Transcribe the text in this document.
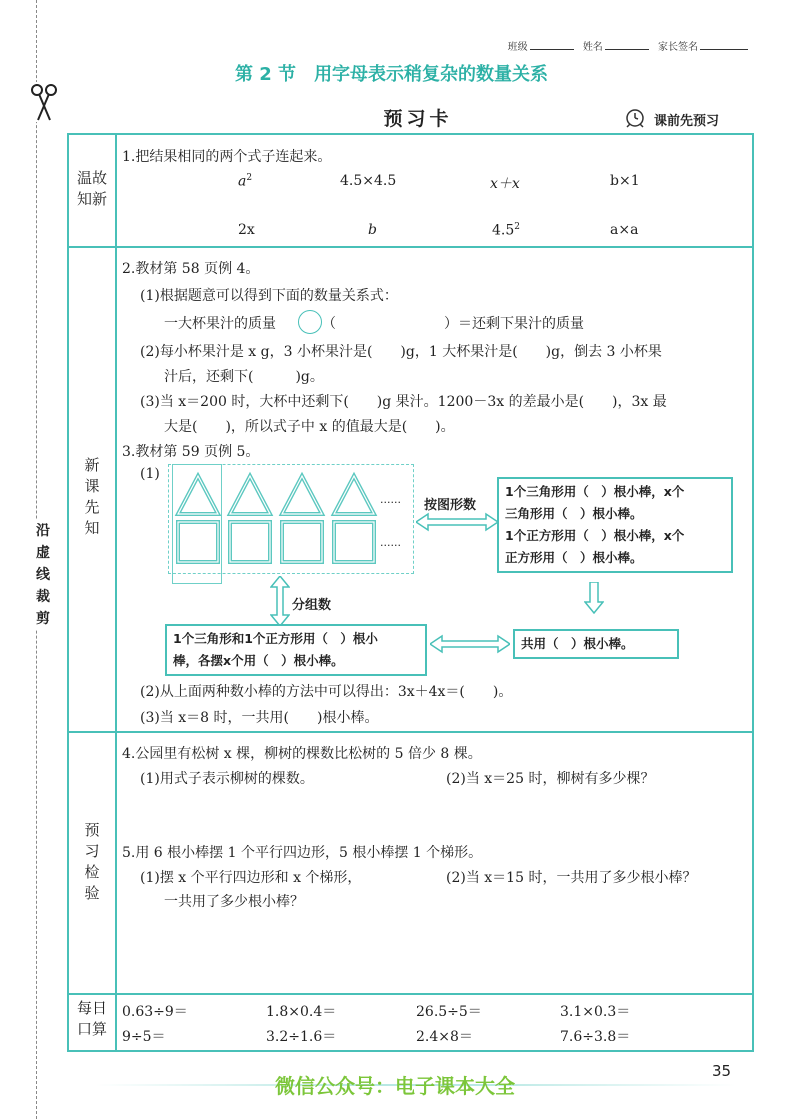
沿
虚
线
裁
剪
班级	姓名	家长签名
第 2 节 用字母表示稍复杂的数量关系
预习卡	课前先预习
温故
知新
1.把结果相同的两个式子连起来。
$a^2$	4.5×4.5	x＋x	b×1
2x	b	$4.5^2$	a×a
新
课
先
知
2.教材第 58 页例 4。
(1)根据题意可以得到下面的数量关系式：
一大杯果汁的质量	（	）＝还剩下果汁的质量
(2)每小杯果汁是 x g，3 小杯果汁是(　　)g，1 大杯果汁是(　　)g，倒去 3 小杯果
汁后，还剩下(　　　)g。
(3)当 x＝200 时，大杯中还剩下(　　)g 果汁。1200－3x 的差最小是(　　)，3x 最
大是(　　)，所以式子中 x 的值最大是(　　)。
3.教材第 59 页例 5。
(1)
......
......
按图形数
1个三角形用（　）根小棒，x个
三角形用（　）根小棒。
1个正方形用（　）根小棒，x个
正方形用（　）根小棒。
分组数
1个三角形和1个正方形用（　）根小
棒，各摆x个用（　）根小棒。
共用（　）根小棒。
(2)从上面两种数小棒的方法中可以得出：3x＋4x＝(　　)。
(3)当 x＝8 时，一共用(　　)根小棒。
预
习
检
验
4.公园里有松树 x 棵，柳树的棵数比松树的 5 倍少 8 棵。
(1)用式子表示柳树的棵数。	(2)当 x＝25 时，柳树有多少棵？
5.用 6 根小棒摆 1 个平行四边形，5 根小棒摆 1 个梯形。
(1)摆 x 个平行四边形和 x 个梯形，
一共用了多少根小棒？
(2)当 x＝15 时，一共用了多少根小棒？
每日
口算
0.63÷9＝	1.8×0.4＝	26.5÷5＝	3.1×0.3＝
9÷5＝	3.2÷1.6＝	2.4×8＝	7.6÷3.8＝
微信公众号：电子课本大全
35
